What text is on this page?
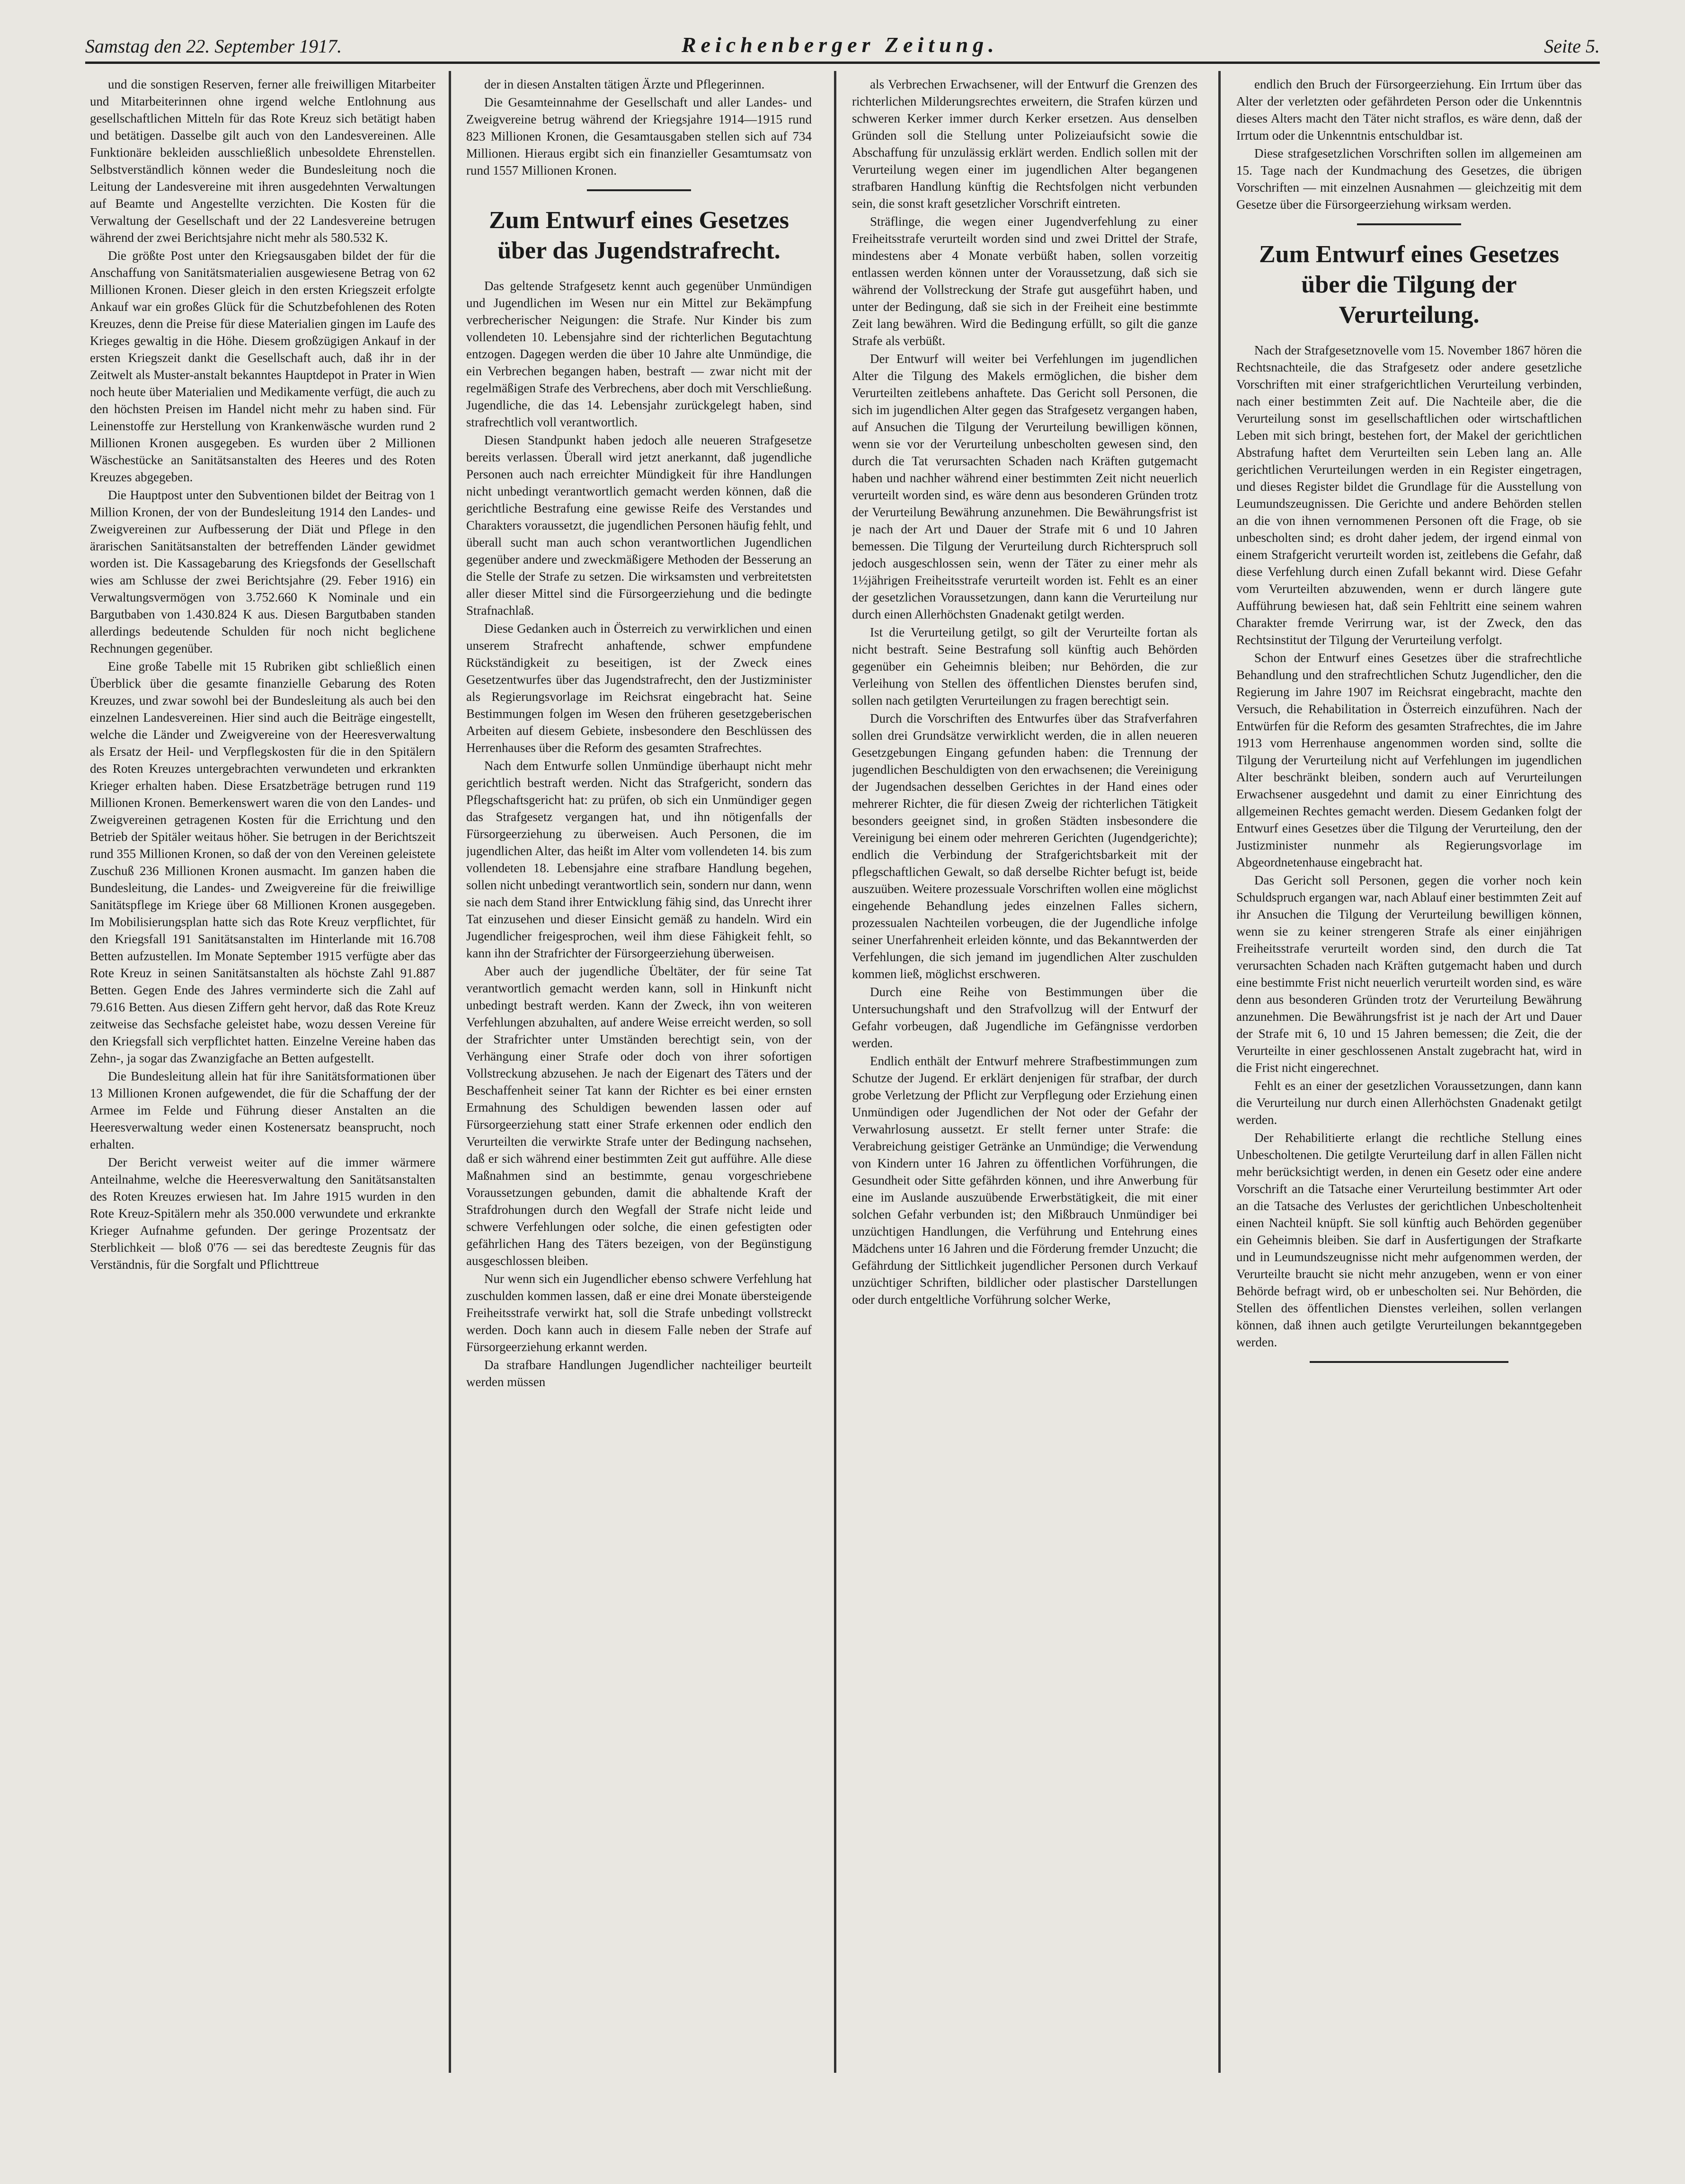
Samstag den 22. September 1917.	Reichenberger Zeitung.	Seite 5.

und die sonstigen Reserven, ferner alle freiwilligen Mitarbeiter und Mitarbeiterinnen ohne irgend welche Entlohnung aus gesellschaftlichen Mitteln für das Rote Kreuz sich betätigt haben und betätigen. Dasselbe gilt auch von den Landesvereinen. Alle Funktionäre bekleiden ausschließlich unbesoldete Ehrenstellen. Selbstverständlich können weder die Bundesleitung noch die Leitung der Landesvereine mit ihren ausgedehnten Verwaltungen auf Beamte und Angestellte verzichten. Die Kosten für die Verwaltung der Gesellschaft und der 22 Landesvereine betrugen während der zwei Berichtsjahre nicht mehr als 580.532 K.

Die größte Post unter den Kriegsausgaben bildet der für die Anschaffung von Sanitätsmaterialien ausgewiesene Betrag von 62 Millionen Kronen. Dieser gleich in den ersten Kriegszeit erfolgte Ankauf war ein großes Glück für die Schutzbefohlenen des Roten Kreuzes, denn die Preise für diese Materialien gingen im Laufe des Krieges gewaltig in die Höhe. Diesem großzügigen Ankauf in der ersten Kriegszeit dankt die Gesellschaft auch, daß ihr in der Zeitwelt als Muster-anstalt bekanntes Hauptdepot in Prater in Wien noch heute über Materialien und Medikamente verfügt, die auch zu den höchsten Preisen im Handel nicht mehr zu haben sind. Für Leinenstoffe zur Herstellung von Krankenwäsche wurden rund 2 Millionen Kronen ausgegeben. Es wurden über 2 Millionen Wäschestücke an Sanitätsanstalten des Heeres und des Roten Kreuzes abgegeben.

Die Hauptpost unter den Subventionen bildet der Beitrag von 1 Million Kronen, der von der Bundesleitung 1914 den Landes- und Zweigvereinen zur Aufbesserung der Diät und Pflege in den ärarischen Sanitätsanstalten der betreffenden Länder gewidmet worden ist. Die Kassagebarung des Kriegsfonds der Gesellschaft wies am Schlusse der zwei Berichtsjahre (29. Feber 1916) ein Verwaltungsvermögen von 3.752.660 K Nominale und ein Bargutbaben von 1.430.824 K aus. Diesen Bargutbaben standen allerdings bedeutende Schulden für noch nicht beglichene Rechnungen gegenüber.

Eine große Tabelle mit 15 Rubriken gibt schließlich einen Überblick über die gesamte finanzielle Gebarung des Roten Kreuzes, und zwar sowohl bei der Bundesleitung als auch bei den einzelnen Landesvereinen. Hier sind auch die Beiträge eingestellt, welche die Länder und Zweigvereine von der Heeresverwaltung als Ersatz der Heil- und Verpflegskosten für die in den Spitälern des Roten Kreuzes untergebrachten verwundeten und erkrankten Krieger erhalten haben. Diese Ersatzbeträge betrugen rund 119 Millionen Kronen. Bemerkenswert waren die von den Landes- und Zweigvereinen getragenen Kosten für die Errichtung und den Betrieb der Spitäler weitaus höher. Sie betrugen in der Berichtszeit rund 355 Millionen Kronen, so daß der von den Vereinen geleistete Zuschuß 236 Millionen Kronen ausmacht. Im ganzen haben die Bundesleitung, die Landes- und Zweigvereine für die freiwillige Sanitätspflege im Kriege über 68 Millionen Kronen ausgegeben. Im Mobilisierungsplan hatte sich das Rote Kreuz verpflichtet, für den Kriegsfall 191 Sanitätsanstalten im Hinterlande mit 16.708 Betten aufzustellen. Im Monate September 1915 verfügte aber das Rote Kreuz in seinen Sanitätsanstalten als höchste Zahl 91.887 Betten. Gegen Ende des Jahres verminderte sich die Zahl auf 79.616 Betten. Aus diesen Ziffern geht hervor, daß das Rote Kreuz zeitweise das Sechsfache geleistet habe, wozu dessen Vereine für den Kriegsfall sich verpflichtet hatten. Einzelne Vereine haben das Zehn-, ja sogar das Zwanzigfache an Betten aufgestellt.

Die Bundesleitung allein hat für ihre Sanitätsformationen über 13 Millionen Kronen aufgewendet, die für die Schaffung der der Armee im Felde und Führung dieser Anstalten an die Heeresverwaltung weder einen Kostenersatz beansprucht, noch erhalten.

Der Bericht verweist weiter auf die immer wärmere Anteilnahme, welche die Heeresverwaltung den Sanitätsanstalten des Roten Kreuzes erwiesen hat. Im Jahre 1915 wurden in den Rote Kreuz-Spitälern mehr als 350.000 verwundete und erkrankte Krieger Aufnahme gefunden. Der geringe Prozentsatz der Sterblichkeit — bloß 0'76 — sei das beredteste Zeugnis für das Verständnis, für die Sorgfalt und Pflichttreue

der in diesen Anstalten tätigen Ärzte und Pflegerinnen.

Die Gesamteinnahme der Gesellschaft und aller Landes- und Zweigvereine betrug während der Kriegsjahre 1914—1915 rund 823 Millionen Kronen, die Gesamtausgaben stellen sich auf 734 Millionen. Hieraus ergibt sich ein finanzieller Gesamtumsatz von rund 1557 Millionen Kronen.

Zum Entwurf eines Gesetzes über das Jugendstrafrecht.

Das geltende Strafgesetz kennt auch gegenüber Unmündigen und Jugendlichen im Wesen nur ein Mittel zur Bekämpfung verbrecherischer Neigungen: die Strafe. Nur Kinder bis zum vollendeten 10. Lebensjahre sind der richterlichen Begutachtung entzogen. Dagegen werden die über 10 Jahre alte Unmündige, die ein Verbrechen begangen haben, bestraft — zwar nicht mit der regelmäßigen Strafe des Verbrechens, aber doch mit Verschließung. Jugendliche, die das 14. Lebensjahr zurückgelegt haben, sind strafrechtlich voll verantwortlich.

Diesen Standpunkt haben jedoch alle neueren Strafgesetze bereits verlassen. Überall wird jetzt anerkannt, daß jugendliche Personen auch nach erreichter Mündigkeit für ihre Handlungen nicht unbedingt verantwortlich gemacht werden können, daß die gerichtliche Bestrafung eine gewisse Reife des Verstandes und Charakters voraussetzt, die jugendlichen Personen häufig fehlt, und überall sucht man auch schon verantwortlichen Jugendlichen gegenüber andere und zweckmäßigere Methoden der Besserung an die Stelle der Strafe zu setzen. Die wirksamsten und verbreitetsten aller dieser Mittel sind die Fürsorgeerziehung und die bedingte Strafnachlaß.

Diese Gedanken auch in Österreich zu verwirklichen und einen unserem Strafrecht anhaftende, schwer empfundene Rückständigkeit zu beseitigen, ist der Zweck eines Gesetzentwurfes über das Jugendstrafrecht, den der Justizminister als Regierungsvorlage im Reichsrat eingebracht hat. Seine Bestimmungen folgen im Wesen den früheren gesetzgeberischen Arbeiten auf diesem Gebiete, insbesondere den Beschlüssen des Herrenhauses über die Reform des gesamten Strafrechtes.

Nach dem Entwurfe sollen Unmündige überhaupt nicht mehr gerichtlich bestraft werden. Nicht das Strafgericht, sondern das Pflegschaftsgericht hat: zu prüfen, ob sich ein Unmündiger gegen das Strafgesetz vergangen hat, und ihn nötigenfalls der Fürsorgeerziehung zu überweisen. Auch Personen, die im jugendlichen Alter, das heißt im Alter vom vollendeten 14. bis zum vollendeten 18. Lebensjahre eine strafbare Handlung begehen, sollen nicht unbedingt verantwortlich sein, sondern nur dann, wenn sie nach dem Stand ihrer Entwicklung fähig sind, das Unrecht ihrer Tat einzusehen und dieser Einsicht gemäß zu handeln. Wird ein Jugendlicher freigesprochen, weil ihm diese Fähigkeit fehlt, so kann ihn der Strafrichter der Fürsorgeerziehung überweisen.

Aber auch der jugendliche Übeltäter, der für seine Tat verantwortlich gemacht werden kann, soll in Hinkunft nicht unbedingt bestraft werden. Kann der Zweck, ihn von weiteren Verfehlungen abzuhalten, auf andere Weise erreicht werden, so soll der Strafrichter unter Umständen berechtigt sein, von der Verhängung einer Strafe oder doch von ihrer sofortigen Vollstreckung abzusehen. Je nach der Eigenart des Täters und der Beschaffenheit seiner Tat kann der Richter es bei einer ernsten Ermahnung des Schuldigen bewenden lassen oder auf Fürsorgeerziehung statt einer Strafe erkennen oder endlich den Verurteilten die verwirkte Strafe unter der Bedingung nachsehen, daß er sich während einer bestimmten Zeit gut aufführe. Alle diese Maßnahmen sind an bestimmte, genau vorgeschriebene Voraussetzungen gebunden, damit die abhaltende Kraft der Strafdrohungen durch den Wegfall der Strafe nicht leide und schwere Verfehlungen oder solche, die einen gefestigten oder gefährlichen Hang des Täters bezeigen, von der Begünstigung ausgeschlossen bleiben.

Nur wenn sich ein Jugendlicher ebenso schwere Verfehlung hat zuschulden kommen lassen, daß er eine drei Monate übersteigende Freiheitsstrafe verwirkt hat, soll die Strafe unbedingt vollstreckt werden. Doch kann auch in diesem Falle neben der Strafe auf Fürsorgeerziehung erkannt werden.

Da strafbare Handlungen Jugendlicher nachteiliger beurteilt werden müssen

als Verbrechen Erwachsener, will der Entwurf die Grenzen des richterlichen Milderungsrechtes erweitern, die Strafen kürzen und schweren Kerker immer durch Kerker ersetzen. Aus denselben Gründen soll die Stellung unter Polizeiaufsicht sowie die Abschaffung für unzulässig erklärt werden. Endlich sollen mit der Verurteilung wegen einer im jugendlichen Alter begangenen strafbaren Handlung künftig die Rechtsfolgen nicht verbunden sein, die sonst kraft gesetzlicher Vorschrift eintreten.

Sträflinge, die wegen einer Jugendverfehlung zu einer Freiheitsstrafe verurteilt worden sind und zwei Drittel der Strafe, mindestens aber 4 Monate verbüßt haben, sollen vorzeitig entlassen werden können unter der Voraussetzung, daß sich sie während der Vollstreckung der Strafe gut ausgeführt haben, und unter der Bedingung, daß sie sich in der Freiheit eine bestimmte Zeit lang bewähren. Wird die Bedingung erfüllt, so gilt die ganze Strafe als verbüßt.

Der Entwurf will weiter bei Verfehlungen im jugendlichen Alter die Tilgung des Makels ermöglichen, die bisher dem Verurteilten zeitlebens anhaftete. Das Gericht soll Personen, die sich im jugendlichen Alter gegen das Strafgesetz vergangen haben, auf Ansuchen die Tilgung der Verurteilung bewilligen können, wenn sie vor der Verurteilung unbescholten gewesen sind, den durch die Tat verursachten Schaden nach Kräften gutgemacht haben und nachher während einer bestimmten Zeit nicht neuerlich verurteilt worden sind, es wäre denn aus besonderen Gründen trotz der Verurteilung Bewährung anzunehmen. Die Bewährungsfrist ist je nach der Art und Dauer der Strafe mit 6 und 10 Jahren bemessen. Die Tilgung der Verurteilung durch Richterspruch soll jedoch ausgeschlossen sein, wenn der Täter zu einer mehr als 1½jährigen Freiheitsstrafe verurteilt worden ist. Fehlt es an einer der gesetzlichen Voraussetzungen, dann kann die Verurteilung nur durch einen Allerhöchsten Gnadenakt getilgt werden.

Ist die Verurteilung getilgt, so gilt der Verurteilte fortan als nicht bestraft. Seine Bestrafung soll künftig auch Behörden gegenüber ein Geheimnis bleiben; nur Behörden, die zur Verleihung von Stellen des öffentlichen Dienstes berufen sind, sollen nach getilgten Verurteilungen zu fragen berechtigt sein.

Durch die Vorschriften des Entwurfes über das Strafverfahren sollen drei Grundsätze verwirklicht werden, die in allen neueren Gesetzgebungen Eingang gefunden haben: die Trennung der jugendlichen Beschuldigten von den erwachsenen; die Vereinigung der Jugendsachen desselben Gerichtes in der Hand eines oder mehrerer Richter, die für diesen Zweig der richterlichen Tätigkeit besonders geeignet sind, in großen Städten insbesondere die Vereinigung bei einem oder mehreren Gerichten (Jugendgerichte); endlich die Verbindung der Strafgerichtsbarkeit mit der pflegschaftlichen Gewalt, so daß derselbe Richter befugt ist, beide auszuüben. Weitere prozessuale Vorschriften wollen eine möglichst eingehende Behandlung jedes einzelnen Falles sichern, prozessualen Nachteilen vorbeugen, die der Jugendliche infolge seiner Unerfahrenheit erleiden könnte, und das Bekanntwerden der Verfehlungen, die sich jemand im jugendlichen Alter zuschulden kommen ließ, möglichst erschweren.

Durch eine Reihe von Bestimmungen über die Untersuchungshaft und den Strafvollzug will der Entwurf der Gefahr vorbeugen, daß Jugendliche im Gefängnisse verdorben werden.

Endlich enthält der Entwurf mehrere Strafbestimmungen zum Schutze der Jugend. Er erklärt denjenigen für strafbar, der durch grobe Verletzung der Pflicht zur Verpflegung oder Erziehung einen Unmündigen oder Jugendlichen der Not oder der Gefahr der Verwahrlosung aussetzt. Er stellt ferner unter Strafe: die Verabreichung geistiger Getränke an Unmündige; die Verwendung von Kindern unter 16 Jahren zu öffentlichen Vorführungen, die Gesundheit oder Sitte gefährden können, und ihre Anwerbung für eine im Auslande auszuübende Erwerbstätigkeit, die mit einer solchen Gefahr verbunden ist; den Mißbrauch Unmündiger bei unzüchtigen Handlungen, die Verführung und Entehrung eines Mädchens unter 16 Jahren und die Förderung fremder Unzucht; die Gefährdung der Sittlichkeit jugendlicher Personen durch Verkauf unzüchtiger Schriften, bildlicher oder plastischer Darstellungen oder durch entgeltliche Vorführung solcher Werke,

endlich den Bruch der Fürsorgeerziehung. Ein Irrtum über das Alter der verletzten oder gefährdeten Person oder die Unkenntnis dieses Alters macht den Täter nicht straflos, es wäre denn, daß der Irrtum oder die Unkenntnis entschuldbar ist.

Diese strafgesetzlichen Vorschriften sollen im allgemeinen am 15. Tage nach der Kundmachung des Gesetzes, die übrigen Vorschriften — mit einzelnen Ausnahmen — gleichzeitig mit dem Gesetze über die Fürsorgeerziehung wirksam werden.

Zum Entwurf eines Gesetzes über die Tilgung der Verurteilung.

Nach der Strafgesetznovelle vom 15. November 1867 hören die Rechtsnachteile, die das Strafgesetz oder andere gesetzliche Vorschriften mit einer strafgerichtlichen Verurteilung verbinden, nach einer bestimmten Zeit auf. Die Nachteile aber, die die Verurteilung sonst im gesellschaftlichen oder wirtschaftlichen Leben mit sich bringt, bestehen fort, der Makel der gerichtlichen Abstrafung haftet dem Verurteilten sein Leben lang an. Alle gerichtlichen Verurteilungen werden in ein Register eingetragen, und dieses Register bildet die Grundlage für die Ausstellung von Leumundszeugnissen. Die Gerichte und andere Behörden stellen an die von ihnen vernommenen Personen oft die Frage, ob sie unbescholten sind; es droht daher jedem, der irgend einmal von einem Strafgericht verurteilt worden ist, zeitlebens die Gefahr, daß diese Verfehlung durch einen Zufall bekannt wird. Diese Gefahr vom Verurteilten abzuwenden, wenn er durch längere gute Aufführung bewiesen hat, daß sein Fehltritt eine seinem wahren Charakter fremde Verirrung war, ist der Zweck, den das Rechtsinstitut der Tilgung der Verurteilung verfolgt.

Schon der Entwurf eines Gesetzes über die strafrechtliche Behandlung und den strafrechtlichen Schutz Jugendlicher, den die Regierung im Jahre 1907 im Reichsrat eingebracht, machte den Versuch, die Rehabilitation in Österreich einzuführen. Nach der Entwürfen für die Reform des gesamten Strafrechtes, die im Jahre 1913 vom Herrenhause angenommen worden sind, sollte die Tilgung der Verurteilung nicht auf Verfehlungen im jugendlichen Alter beschränkt bleiben, sondern auch auf Verurteilungen Erwachsener ausgedehnt und damit zu einer Einrichtung des allgemeinen Rechtes gemacht werden. Diesem Gedanken folgt der Entwurf eines Gesetzes über die Tilgung der Verurteilung, den der Justizminister nunmehr als Regierungsvorlage im Abgeordnetenhause eingebracht hat.

Das Gericht soll Personen, gegen die vorher noch kein Schuldspruch ergangen war, nach Ablauf einer bestimmten Zeit auf ihr Ansuchen die Tilgung der Verurteilung bewilligen können, wenn sie zu keiner strengeren Strafe als einer einjährigen Freiheitsstrafe verurteilt worden sind, den durch die Tat verursachten Schaden nach Kräften gutgemacht haben und durch eine bestimmte Frist nicht neuerlich verurteilt worden sind, es wäre denn aus besonderen Gründen trotz der Verurteilung Bewährung anzunehmen. Die Bewährungsfrist ist je nach der Art und Dauer der Strafe mit 6, 10 und 15 Jahren bemessen; die Zeit, die der Verurteilte in einer geschlossenen Anstalt zugebracht hat, wird in die Frist nicht eingerechnet.

Fehlt es an einer der gesetzlichen Voraussetzungen, dann kann die Verurteilung nur durch einen Allerhöchsten Gnadenakt getilgt werden.

Der Rehabilitierte erlangt die rechtliche Stellung eines Unbescholtenen. Die getilgte Verurteilung darf in allen Fällen nicht mehr berücksichtigt werden, in denen ein Gesetz oder eine andere Vorschrift an die Tatsache einer Verurteilung bestimmter Art oder an die Tatsache des Verlustes der gerichtlichen Unbescholtenheit einen Nachteil knüpft. Sie soll künftig auch Behörden gegenüber ein Geheimnis bleiben. Sie darf in Ausfertigungen der Strafkarte und in Leumundszeugnisse nicht mehr aufgenommen werden, der Verurteilte braucht sie nicht mehr anzugeben, wenn er von einer Behörde befragt wird, ob er unbescholten sei. Nur Behörden, die Stellen des öffentlichen Dienstes verleihen, sollen verlangen können, daß ihnen auch getilgte Verurteilungen bekanntgegeben werden.
